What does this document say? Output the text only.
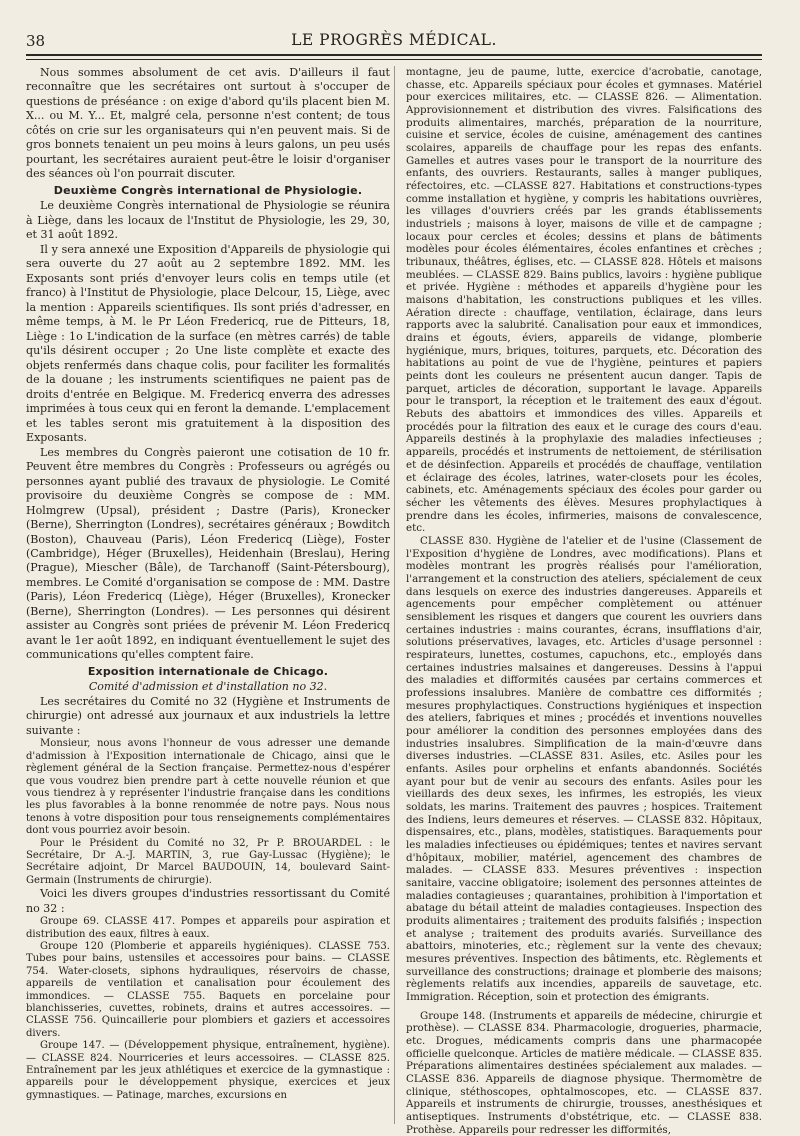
38	LE PROGRÈS MÉDICAL.

Nous sommes absolument de cet avis. D'ailleurs il faut reconnaître que les secrétaires ont surtout à s'occuper de questions de préséance : on exige d'abord qu'ils placent bien M. X... ou M. Y... Et, malgré cela, personne n'est content; de tous côtés on crie sur les organisateurs qui n'en peuvent mais. Si de gros bonnets tenaient un peu moins à leurs galons, un peu usés pourtant, les secrétaires auraient peut-être le loisir d'organiser des séances où l'on pourrait discuter.

Deuxième Congrès international de Physiologie.

Le deuxième Congrès international de Physiologie se réunira à Liège, dans les locaux de l'Institut de Physiologie, les 29, 30, et 31 août 1892.

Il y sera annexé une Exposition d'Appareils de physiologie qui sera ouverte du 27 août au 2 septembre 1892. MM. les Exposants sont priés d'envoyer leurs colis en temps utile (et franco) à l'Institut de Physiologie, place Delcour, 15, Liège, avec la mention : Appareils scientifiques. Ils sont priés d'adresser, en même temps, à M. le Pr Léon Fredericq, rue de Pitteurs, 18, Liège : 1o L'indication de la surface (en mètres carrés) de table qu'ils désirent occuper ; 2o Une liste complète et exacte des objets renfermés dans chaque colis, pour faciliter les formalités de la douane ; les instruments scientifiques ne paient pas de droits d'entrée en Belgique. M. Fredericq enverra des adresses imprimées à tous ceux qui en feront la demande. L'emplacement et les tables seront mis gratuitement à la disposition des Exposants.

Les membres du Congrès paieront une cotisation de 10 fr. Peuvent être membres du Congrès : Professeurs ou agrégés ou personnes ayant publié des travaux de physiologie. Le Comité provisoire du deuxième Congrès se compose de : MM. Holmgrew (Upsal), président ; Dastre (Paris), Kronecker (Berne), Sherrington (Londres), secrétaires généraux ; Bowditch (Boston), Chauveau (Paris), Léon Fredericq (Liège), Foster (Cambridge), Héger (Bruxelles), Heidenhain (Breslau), Hering (Prague), Miescher (Bâle), de Tarchanoff (Saint-Pétersbourg), membres. Le Comité d'organisation se compose de : MM. Dastre (Paris), Léon Fredericq (Liège), Héger (Bruxelles), Kronecker (Berne), Sherrington (Londres). — Les personnes qui désirent assister au Congrès sont priées de prévenir M. Léon Fredericq avant le 1er août 1892, en indiquant éventuellement le sujet des communications qu'elles comptent faire.

Exposition internationale de Chicago.
Comité d'admission et d'installation no 32.

Les secrétaires du Comité no 32 (Hygiène et Instruments de chirurgie) ont adressé aux journaux et aux industriels la lettre suivante :

Monsieur, nous avons l'honneur de vous adresser une demande d'admission à l'Exposition internationale de Chicago, ainsi que le règlement général de la Section française. Permettez-nous d'espérer que vous voudrez bien prendre part à cette nouvelle réunion et que vous tiendrez à y représenter l'industrie française dans les conditions les plus favorables à la bonne renommée de notre pays. Nous nous tenons à votre disposition pour tous renseignements complémentaires dont vous pourriez avoir besoin.

Pour le Président du Comité no 32, Pr P. BROUARDEL : le Secrétaire, Dr A.-J. MARTIN, 3, rue Gay-Lussac (Hygiène); le Secrétaire adjoint, Dr Marcel BAUDOUIN, 14, boulevard Saint-Germain (Instruments de chirurgie).

Voici les divers groupes d'industries ressortissant du Comité no 32 :

Groupe 69. CLASSE 417. Pompes et appareils pour aspiration et distribution des eaux, filtres à eaux.

Groupe 120 (Plomberie et appareils hygiéniques). CLASSE 753. Tubes pour bains, ustensiles et accessoires pour bains. — CLASSE 754. Water-closets, siphons hydrauliques, réservoirs de chasse, appareils de ventilation et canalisation pour écoulement des immondices. — CLASSE 755. Baquets en porcelaine pour blanchisseries, cuvettes, robinets, drains et autres accessoires. — CLASSE 756. Quincaillerie pour plombiers et gaziers et accessoires divers.

Groupe 147. — (Développement physique, entraînement, hygiène). — CLASSE 824. Nourriceries et leurs accessoires. — CLASSE 825. Entraînement par les jeux athlétiques et exercice de la gymnastique : appareils pour le développement physique, exercices et jeux gymnastiques. — Patinage, marches, excursions en

montagne, jeu de paume, lutte, exercice d'acrobatie, canotage, chasse, etc. Appareils spéciaux pour écoles et gymnases. Matériel pour exercices militaires, etc. — CLASSE 826. — Alimentation. Approvisionnement et distribution des vivres. Falsifications des produits alimentaires, marchés, préparation de la nourriture, cuisine et service, écoles de cuisine, aménagement des cantines scolaires, appareils de chauffage pour les repas des enfants. Gamelles et autres vases pour le transport de la nourriture des enfants, des ouvriers. Restaurants, salles à manger publiques, réfectoires, etc. —CLASSE 827. Habitations et constructions-types comme installation et hygiène, y compris les habitations ouvrières, les villages d'ouvriers créés par les grands établissements industriels ; maisons à loyer, maisons de ville et de campagne ; locaux pour cercles et écoles; dessins et plans de bâtiments modèles pour écoles élémentaires, écoles enfantines et crèches ; tribunaux, théâtres, églises, etc. — CLASSE 828. Hôtels et maisons meublées. — CLASSE 829. Bains publics, lavoirs : hygiène publique et privée. Hygiène : méthodes et appareils d'hygiène pour les maisons d'habitation, les constructions publiques et les villes. Aération directe : chauffage, ventilation, éclairage, dans leurs rapports avec la salubrité. Canalisation pour eaux et immondices, drains et égouts, éviers, appareils de vidange, plomberie hygiénique, murs, briques, toitures, parquets, etc. Décoration des habitations au point de vue de l'hygiène, peintures et papiers peints dont les couleurs ne présentent aucun danger. Tapis de parquet, articles de décoration, supportant le lavage. Appareils pour le transport, la réception et le traitement des eaux d'égout. Rebuts des abattoirs et immondices des villes. Appareils et procédés pour la filtration des eaux et le curage des cours d'eau. Appareils destinés à la prophylaxie des maladies infectieuses ; appareils, procédés et instruments de nettoiement, de stérilisation et de désinfection. Appareils et procédés de chauffage, ventilation et éclairage des écoles, latrines, water-closets pour les écoles, cabinets, etc. Aménagements spéciaux des écoles pour garder ou sécher les vêtements des élèves. Mesures prophylactiques à prendre dans les écoles, infirmeries, maisons de convalescence, etc.

CLASSE 830. Hygiène de l'atelier et de l'usine (Classement de l'Exposition d'hygiène de Londres, avec modifications). Plans et modèles montrant les progrès réalisés pour l'amélioration, l'arrangement et la construction des ateliers, spécialement de ceux dans lesquels on exerce des industries dangereuses. Appareils et agencements pour empêcher complètement ou atténuer sensiblement les risques et dangers que courent les ouvriers dans certaines industries : mains courantes, écrans, insufflations d'air, solutions préservatives, lavages, etc. Articles d'usage personnel : respirateurs, lunettes, costumes, capuchons, etc., employés dans certaines industries malsaines et dangereuses. Dessins à l'appui des maladies et difformités causées par certains commerces et professions insalubres. Manière de combattre ces difformités ; mesures prophylactiques. Constructions hygiéniques et inspection des ateliers, fabriques et mines ; procédés et inventions nouvelles pour améliorer la condition des personnes employées dans des industries insalubres. Simplification de la main-d'œuvre dans diverses industries. —CLASSE 831. Asiles, etc. Asiles pour les enfants. Asiles pour orphelins et enfants abandonnés. Sociétés ayant pour but de venir au secours des enfants. Asiles pour les vieillards des deux sexes, les infirmes, les estropiés, les vieux soldats, les marins. Traitement des pauvres ; hospices. Traitement des Indiens, leurs demeures et réserves. — CLASSE 832. Hôpitaux, dispensaires, etc., plans, modèles, statistiques. Baraquements pour les maladies infectieuses ou épidémiques; tentes et navires servant d'hôpitaux, mobilier, matériel, agencement des chambres de malades. — CLASSE 833. Mesures préventives : inspection sanitaire, vaccine obligatoire; isolement des personnes atteintes de maladies contagieuses ; quarantaines, prohibition à l'importation et abatage du bétail atteint de maladies contagieuses. Inspection des produits alimentaires ; traitement des produits falsifiés ; inspection et analyse ; traitement des produits avariés. Surveillance des abattoirs, minoteries, etc.; règlement sur la vente des chevaux; mesures préventives. Inspection des bâtiments, etc. Règlements et surveillance des constructions; drainage et plomberie des maisons; règlements relatifs aux incendies, appareils de sauvetage, etc. Immigration. Réception, soin et protection des émigrants.

Groupe 148. (Instruments et appareils de médecine, chirurgie et prothèse). — CLASSE 834. Pharmacologie, drogueries, pharmacie, etc. Drogues, médicaments compris dans une pharmacopée officielle quelconque. Articles de matière médicale. — CLASSE 835. Préparations alimentaires destinées spécialement aux malades. — CLASSE 836. Appareils de diagnose physique. Thermomètre de clinique, stéthoscopes, ophtalmoscopes, etc. — CLASSE 837. Appareils et instruments de chirurgie, trousses, anesthésiques et antiseptiques. Instruments d'obstétrique, etc. — CLASSE 838. Prothèse. Appareils pour redresser les difformités,
